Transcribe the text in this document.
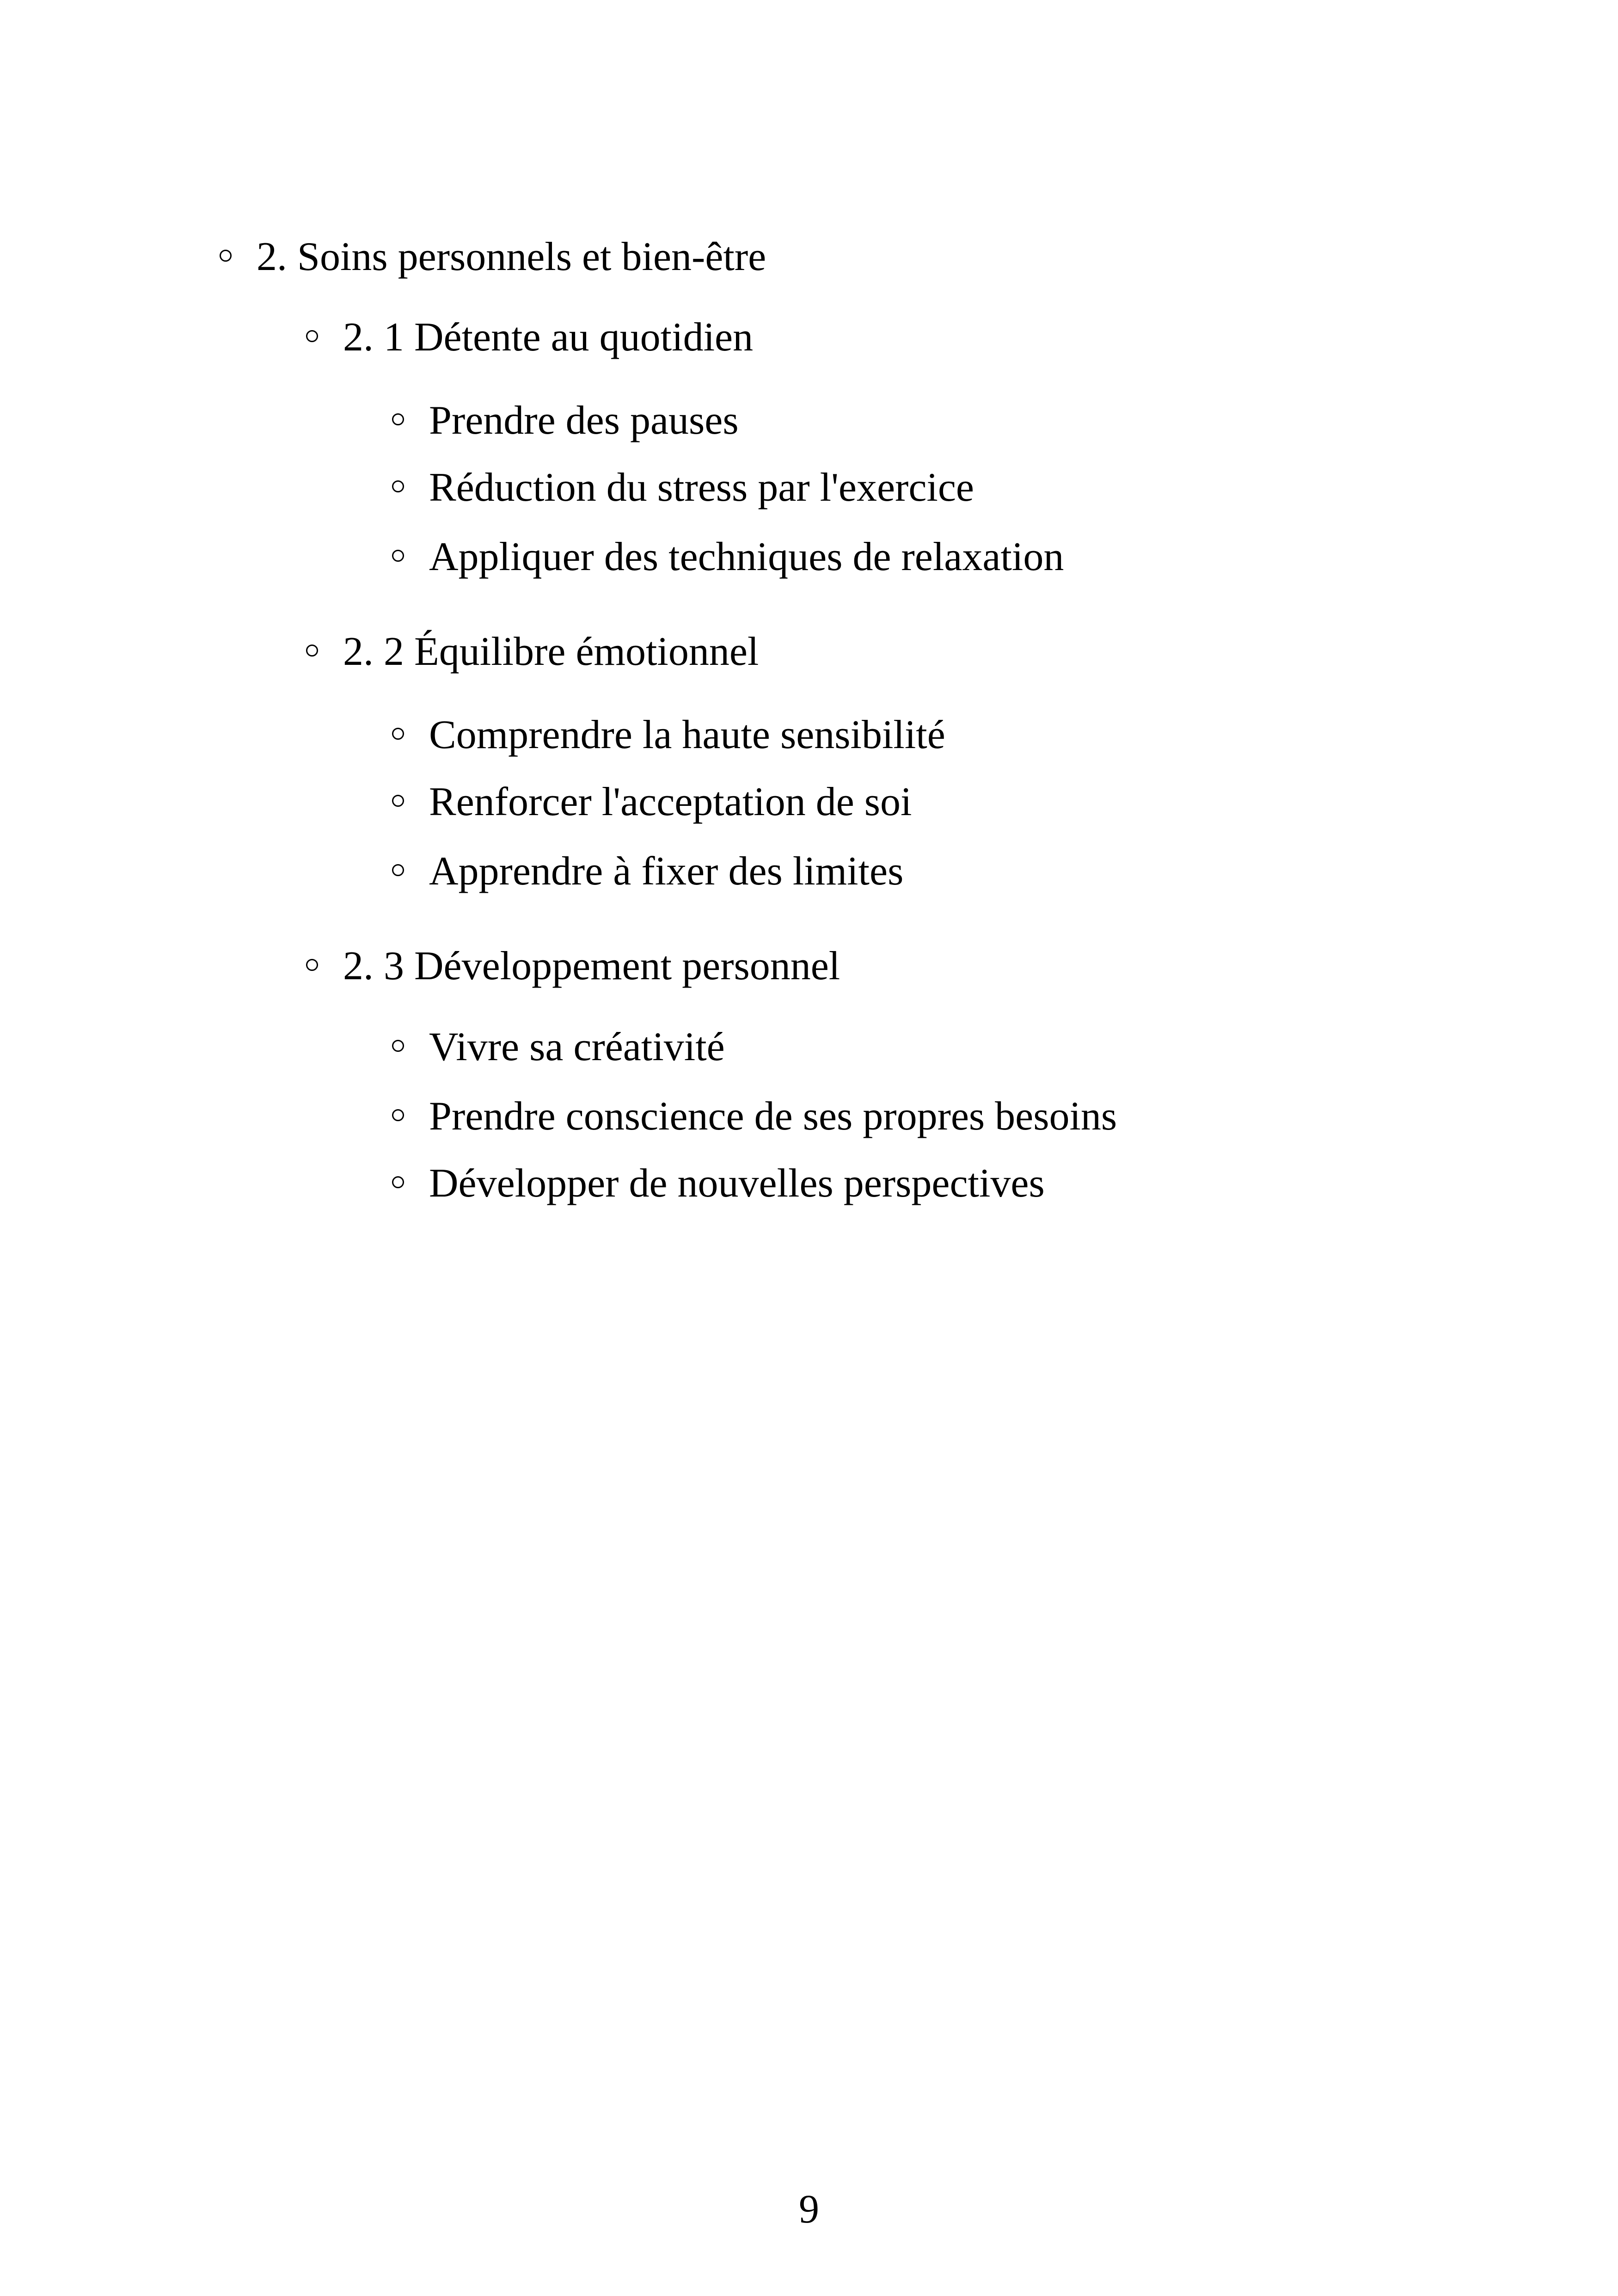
2. Soins personnels et bien-être
2. 1 Détente au quotidien
Prendre des pauses
Réduction du stress par l'exercice
Appliquer des techniques de relaxation
2. 2 Équilibre émotionnel
Comprendre la haute sensibilité
Renforcer l'acceptation de soi
Apprendre à fixer des limites
2. 3 Développement personnel
Vivre sa créativité
Prendre conscience de ses propres besoins
Développer de nouvelles perspectives
9
